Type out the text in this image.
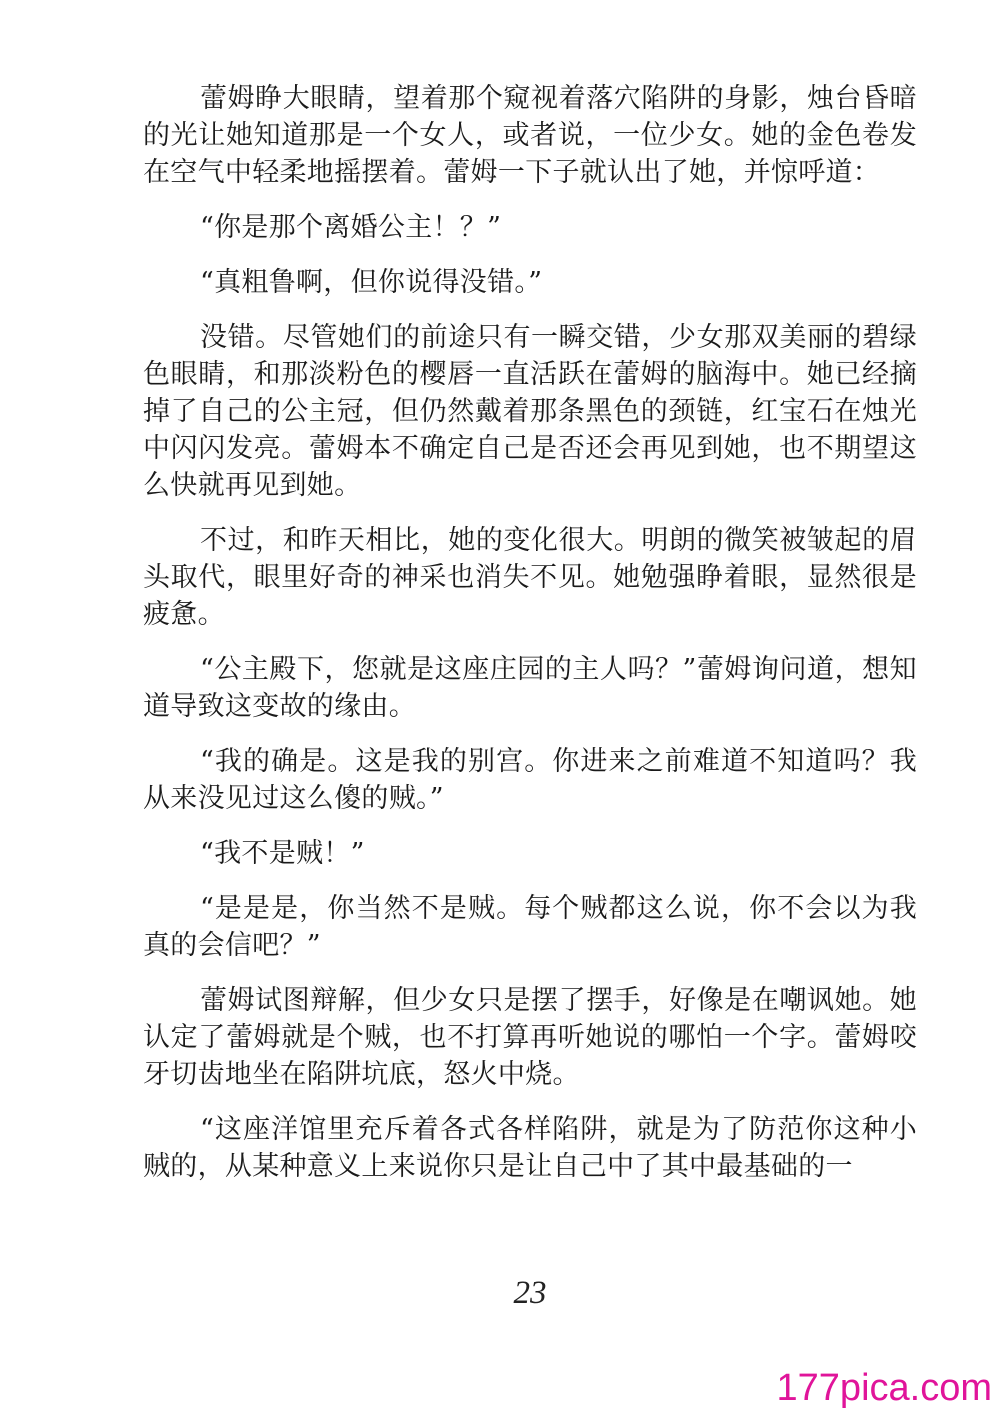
蕾姆睁大眼睛，望着那个窥视着落穴陷阱的身影，烛台昏暗的光让她知道那是一个女人，或者说，一位少女。她的金色卷发在空气中轻柔地摇摆着。蕾姆一下子就认出了她，并惊呼道：

“你是那个离婚公主！？”

“真粗鲁啊，但你说得没错。”

没错。尽管她们的前途只有一瞬交错，少女那双美丽的碧绿色眼睛，和那淡粉色的樱唇一直活跃在蕾姆的脑海中。她已经摘掉了自己的公主冠，但仍然戴着那条黑色的颈链，红宝石在烛光中闪闪发亮。蕾姆本不确定自己是否还会再见到她，也不期望这么快就再见到她。

不过，和昨天相比，她的变化很大。明朗的微笑被皱起的眉头取代，眼里好奇的神采也消失不见。她勉强睁着眼，显然很是疲惫。

“公主殿下，您就是这座庄园的主人吗？”蕾姆询问道，想知道导致这变故的缘由。

“我的确是。这是我的别宫。你进来之前难道不知道吗？我从来没见过这么傻的贼。”

“我不是贼！”

“是是是，你当然不是贼。每个贼都这么说，你不会以为我真的会信吧？”

蕾姆试图辩解，但少女只是摆了摆手，好像是在嘲讽她。她认定了蕾姆就是个贼，也不打算再听她说的哪怕一个字。蕾姆咬牙切齿地坐在陷阱坑底，怒火中烧。

“这座洋馆里充斥着各式各样陷阱，就是为了防范你这种小贼的，从某种意义上来说你只是让自己中了其中最基础的一

23
177pica.com
